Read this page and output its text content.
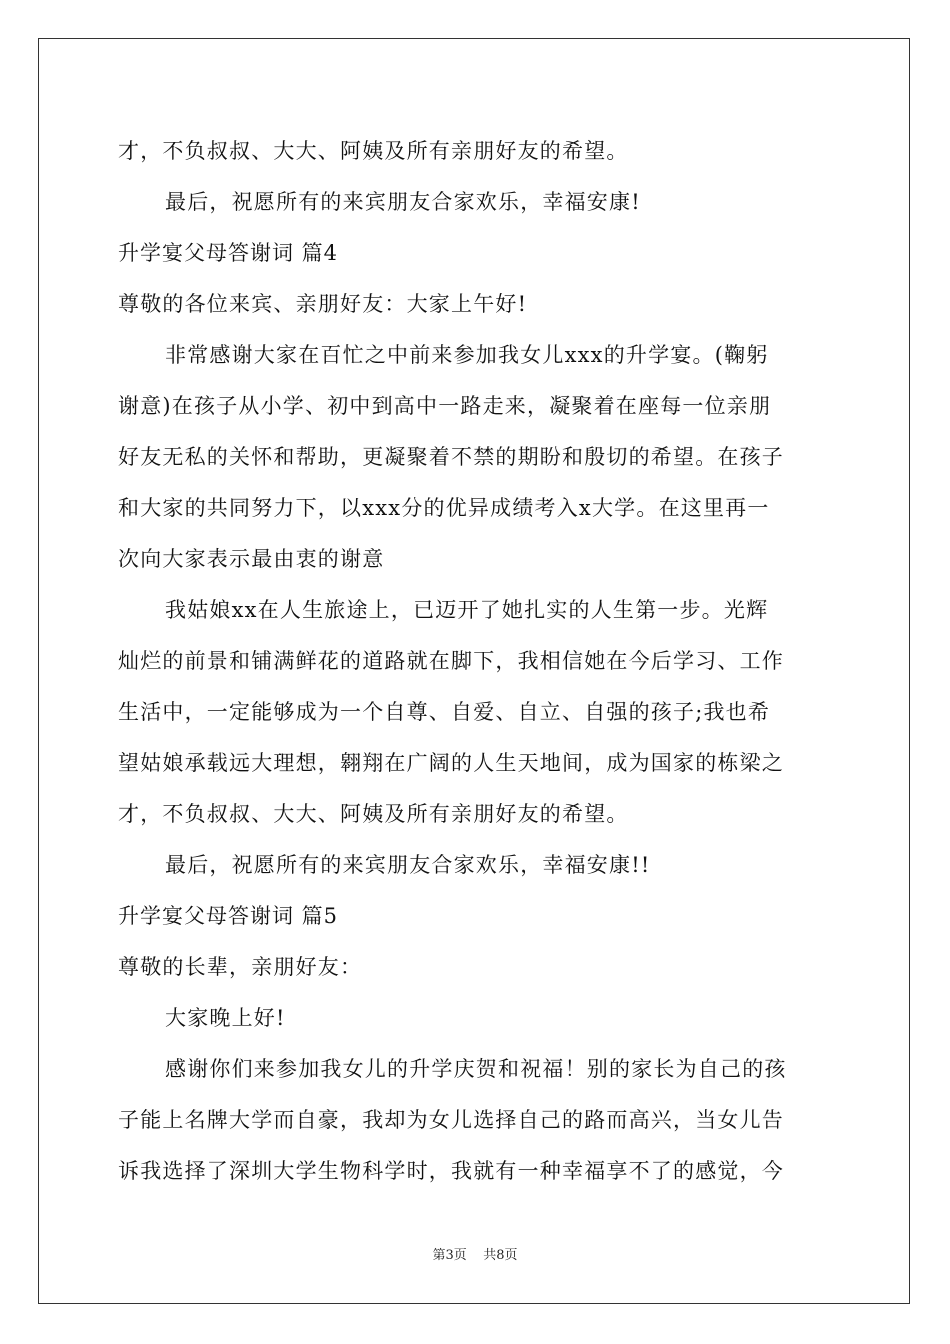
才，不负叔叔、大大、阿姨及所有亲朋好友的希望。
最后，祝愿所有的来宾朋友合家欢乐，幸福安康!
升学宴父母答谢词 篇4
尊敬的各位来宾、亲朋好友：大家上午好!
非常感谢大家在百忙之中前来参加我女儿xxx的升学宴。(鞠躬
谢意)在孩子从小学、初中到高中一路走来，凝聚着在座每一位亲朋
好友无私的关怀和帮助，更凝聚着不禁的期盼和殷切的希望。在孩子
和大家的共同努力下，以xxx分的优异成绩考入x大学。在这里再一
次向大家表示最由衷的谢意
我姑娘xx在人生旅途上，已迈开了她扎实的人生第一步。光辉
灿烂的前景和铺满鲜花的道路就在脚下，我相信她在今后学习、工作
生活中，一定能够成为一个自尊、自爱、自立、自强的孩子;我也希
望姑娘承载远大理想，翱翔在广阔的人生天地间，成为国家的栋梁之
才，不负叔叔、大大、阿姨及所有亲朋好友的希望。
最后，祝愿所有的来宾朋友合家欢乐，幸福安康!!
升学宴父母答谢词 篇5
尊敬的长辈，亲朋好友：
大家晚上好!
感谢你们来参加我女儿的升学庆贺和祝福！别的家长为自己的孩
子能上名牌大学而自豪，我却为女儿选择自己的路而高兴，当女儿告
诉我选择了深圳大学生物科学时，我就有一种幸福享不了的感觉，今
第3页 共8页
